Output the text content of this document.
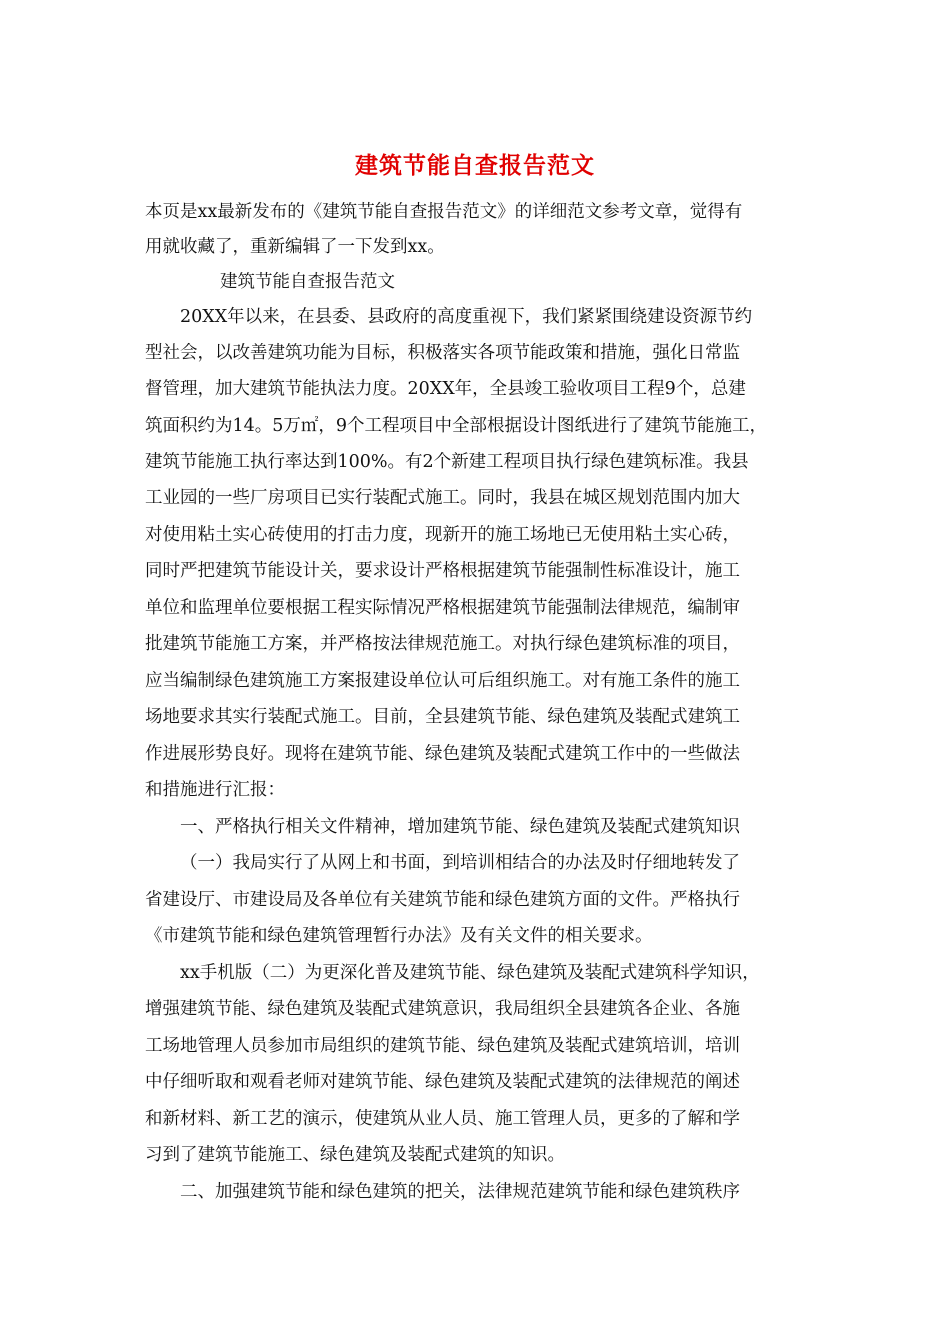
建筑节能自查报告范文
本页是xx最新发布的《建筑节能自查报告范文》的详细范文参考文章，觉得有
用就收藏了，重新编辑了一下发到xx。
建筑节能自查报告范文
20XX年以来，在县委、县政府的高度重视下，我们紧紧围绕建设资源节约
型社会，以改善建筑功能为目标，积极落实各项节能政策和措施，强化日常监
督管理，加大建筑节能执法力度。20XX年，全县竣工验收项目工程9个，总建
筑面积约为14。5万㎡，9个工程项目中全部根据设计图纸进行了建筑节能施工，
建筑节能施工执行率达到100%。有2个新建工程项目执行绿色建筑标准。我县
工业园的一些厂房项目已实行装配式施工。同时，我县在城区规划范围内加大
对使用粘土实心砖使用的打击力度，现新开的施工场地已无使用粘土实心砖，
同时严把建筑节能设计关，要求设计严格根据建筑节能强制性标准设计，施工
单位和监理单位要根据工程实际情况严格根据建筑节能强制法律规范，编制审
批建筑节能施工方案，并严格按法律规范施工。对执行绿色建筑标准的项目，
应当编制绿色建筑施工方案报建设单位认可后组织施工。对有施工条件的施工
场地要求其实行装配式施工。目前，全县建筑节能、绿色建筑及装配式建筑工
作进展形势良好。现将在建筑节能、绿色建筑及装配式建筑工作中的一些做法
和措施进行汇报：
一、严格执行相关文件精神，增加建筑节能、绿色建筑及装配式建筑知识
（一）我局实行了从网上和书面，到培训相结合的办法及时仔细地转发了
省建设厅、市建设局及各单位有关建筑节能和绿色建筑方面的文件。严格执行
《市建筑节能和绿色建筑管理暂行办法》及有关文件的相关要求。
xx手机版（二）为更深化普及建筑节能、绿色建筑及装配式建筑科学知识，
增强建筑节能、绿色建筑及装配式建筑意识，我局组织全县建筑各企业、各施
工场地管理人员参加市局组织的建筑节能、绿色建筑及装配式建筑培训，培训
中仔细听取和观看老师对建筑节能、绿色建筑及装配式建筑的法律规范的阐述
和新材料、新工艺的演示，使建筑从业人员、施工管理人员，更多的了解和学
习到了建筑节能施工、绿色建筑及装配式建筑的知识。
二、加强建筑节能和绿色建筑的把关，法律规范建筑节能和绿色建筑秩序
